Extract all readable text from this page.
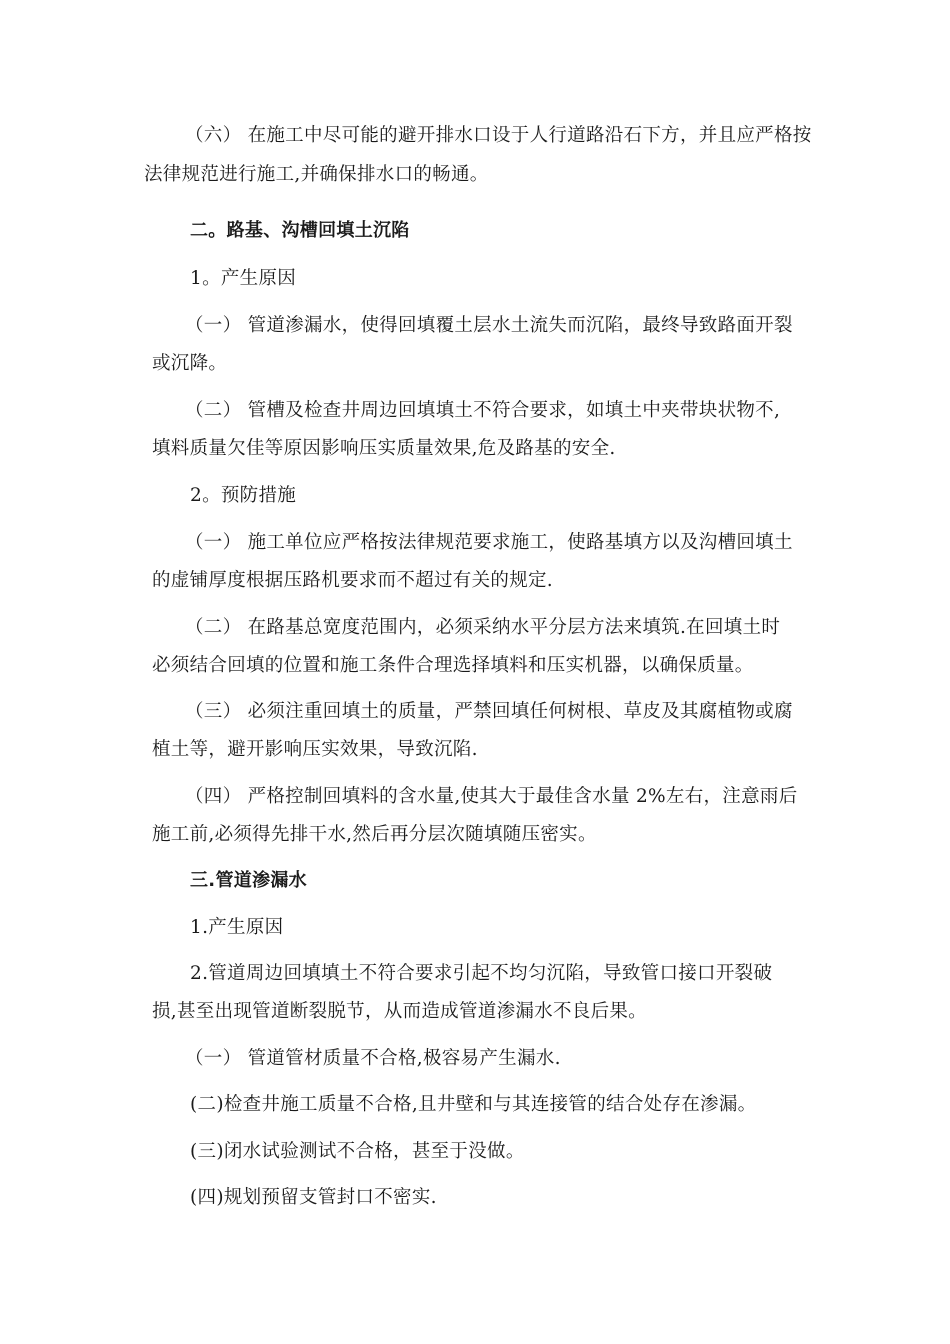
（六） 在施工中尽可能的避开排水口设于人行道路沿石下方，并且应严格按
法律规范进行施工,并确保排水口的畅通。
二。路基、沟槽回填土沉陷
1。产生原因
（一） 管道渗漏水，使得回填覆土层水土流失而沉陷，最终导致路面开裂
或沉降。
（二） 管槽及检查井周边回填填土不符合要求，如填土中夹带块状物不,
填料质量欠佳等原因影响压实质量效果,危及路基的安全.
2。预防措施
（一） 施工单位应严格按法律规范要求施工，使路基填方以及沟槽回填土
的虚铺厚度根据压路机要求而不超过有关的规定.
（二） 在路基总宽度范围内，必须采纳水平分层方法来填筑.在回填土时
必须结合回填的位置和施工条件合理选择填料和压实机器，以确保质量。
（三） 必须注重回填土的质量，严禁回填任何树根、草皮及其腐植物或腐
植土等，避开影响压实效果，导致沉陷.
（四） 严格控制回填料的含水量,使其大于最佳含水量 2%左右，注意雨后
施工前,必须得先排干水,然后再分层次随填随压密实。
三.管道渗漏水
1.产生原因
2.管道周边回填填土不符合要求引起不均匀沉陷，导致管口接口开裂破
损,甚至出现管道断裂脱节，从而造成管道渗漏水不良后果。
（一） 管道管材质量不合格,极容易产生漏水.
(二)检查井施工质量不合格,且井壁和与其连接管的结合处存在渗漏。
(三)闭水试验测试不合格，甚至于没做。
(四)规划预留支管封口不密实.
